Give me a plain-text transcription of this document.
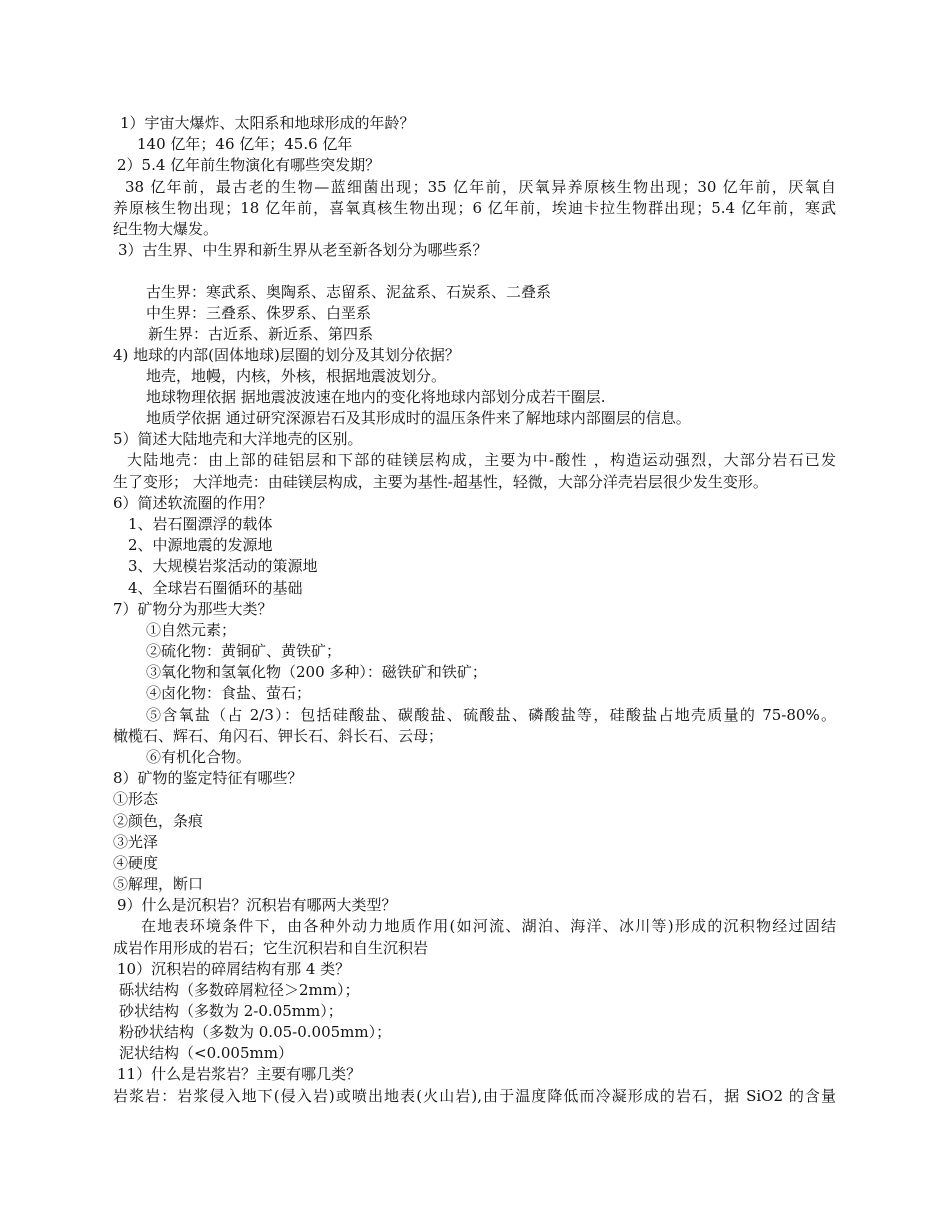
1）宇宙大爆炸、太阳系和地球形成的年龄？
140 亿年；46 亿年；45.6 亿年
2）5.4 亿年前生物演化有哪些突发期？
38 亿年前，最古老的生物—蓝细菌出现；35 亿年前，厌氧异养原核生物出现；30 亿年前，厌氧自
养原核生物出现；18 亿年前，喜氧真核生物出现；6 亿年前，埃迪卡拉生物群出现；5.4 亿年前，寒武
纪生物大爆发。
3）古生界、中生界和新生界从老至新各划分为哪些系？
古生界：寒武系、奥陶系、志留系、泥盆系、石炭系、二叠系
中生界：三叠系、侏罗系、白垩系
新生界：古近系、新近系、第四系
4) 地球的内部(固体地球)层圈的划分及其划分依据？
地壳，地幔，内核，外核，根据地震波划分。
地球物理依据 据地震波波速在地内的变化将地球内部划分成若干圈层.
地质学依据 通过研究深源岩石及其形成时的温压条件来了解地球内部圈层的信息。
5）简述大陆地壳和大洋地壳的区别。
大陆地壳：由上部的硅铝层和下部的硅镁层构成，主要为中-酸性 ，构造运动强烈，大部分岩石已发
生了变形； 大洋地壳：由硅镁层构成，主要为基性-超基性，轻微，大部分洋壳岩层很少发生变形。
6）简述软流圈的作用？
1、岩石圈漂浮的载体
2、中源地震的发源地
3、大规模岩浆活动的策源地
4、全球岩石圈循环的基础
7）矿物分为那些大类？
①自然元素；
②硫化物：黄铜矿、黄铁矿；
③氧化物和氢氧化物（200 多种）：磁铁矿和铁矿；
④卤化物：食盐、萤石；
⑤含氧盐（占 2/3）：包括硅酸盐、碳酸盐、硫酸盐、磷酸盐等，硅酸盐占地壳质量的 75-80%。
橄榄石、辉石、角闪石、钾长石、斜长石、云母；
⑥有机化合物。
8）矿物的鉴定特征有哪些？
①形态
②颜色，条痕
③光泽
④硬度
⑤解理，断口
9）什么是沉积岩？沉积岩有哪两大类型？
在地表环境条件下，由各种外动力地质作用(如河流、湖泊、海洋、冰川等)形成的沉积物经过固结
成岩作用形成的岩石；它生沉积岩和自生沉积岩
10）沉积岩的碎屑结构有那 4 类？
砾状结构（多数碎屑粒径＞2mm）；
砂状结构（多数为 2-0.05mm）；
粉砂状结构（多数为 0.05-0.005mm）；
泥状结构（<0.005mm）
11）什么是岩浆岩？主要有哪几类？
岩浆岩：岩浆侵入地下(侵入岩)或喷出地表(火山岩),由于温度降低而冷凝形成的岩石，据 SiO2 的含量
